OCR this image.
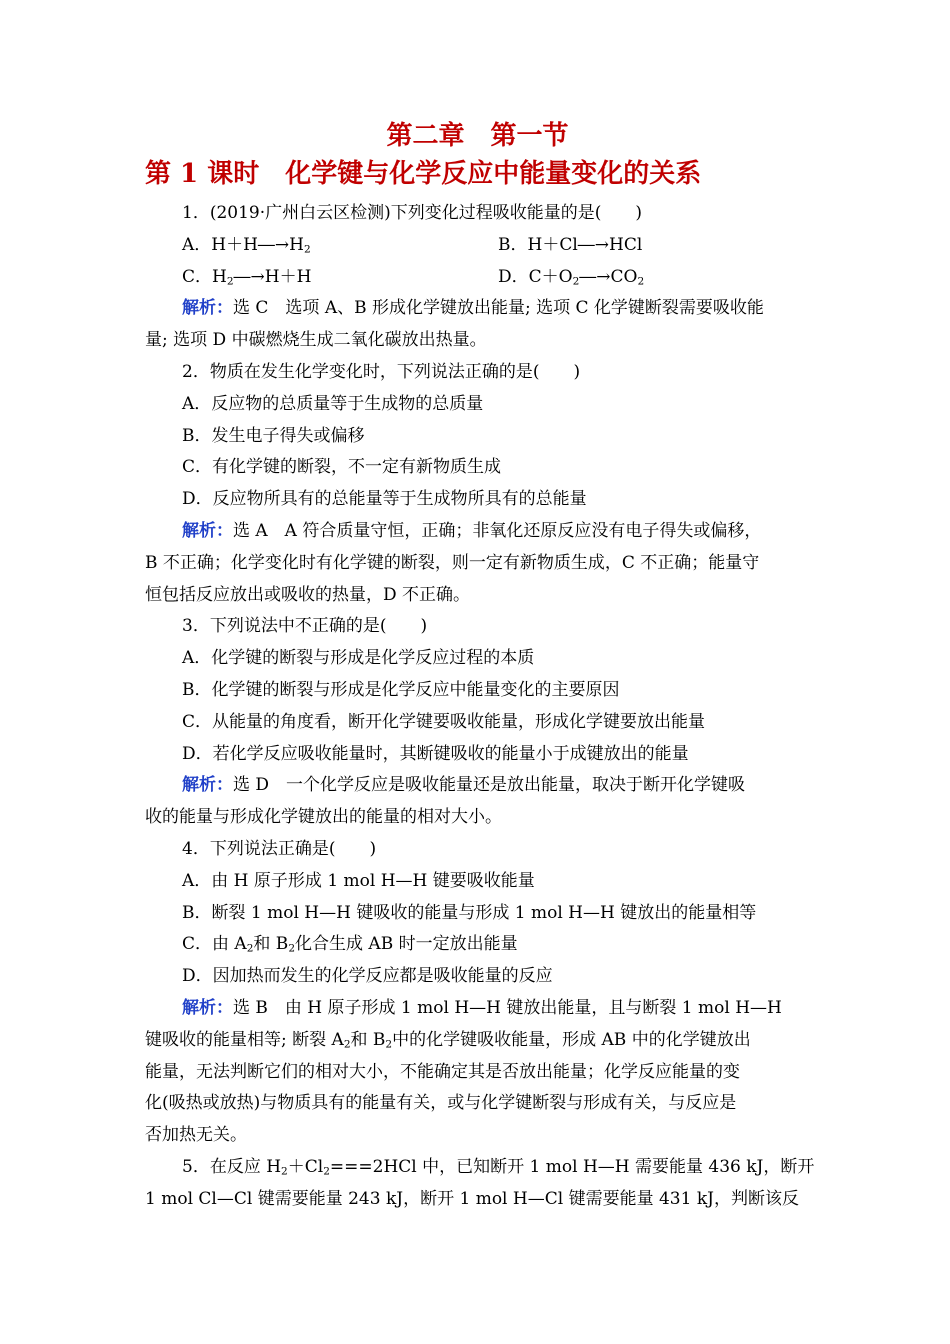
第二章　第一节
第 1 课时　化学键与化学反应中能量变化的关系
1．(2019·广州白云区检测)下列变化过程吸收能量的是(　　)
A．$H+H―\to H_2$	B．H＋Cl―→HCl
C．$H_2―\to H+H$	D．$C+O_2―\to CO_2$
解析：选 C　选项 A、B 形成化学键放出能量; 选项 C 化学键断裂需要吸收能
量; 选项 D 中碳燃烧生成二氧化碳放出热量。
2．物质在发生化学变化时，下列说法正确的是(　　)
A．反应物的总质量等于生成物的总质量
B．发生电子得失或偏移
C．有化学键的断裂，不一定有新物质生成
D．反应物所具有的总能量等于生成物所具有的总能量
解析：选 A　A 符合质量守恒，正确；非氧化还原反应没有电子得失或偏移，
B 不正确；化学变化时有化学键的断裂，则一定有新物质生成，C 不正确；能量守
恒包括反应放出或吸收的热量，D 不正确。
3．下列说法中不正确的是(　　)
A．化学键的断裂与形成是化学反应过程的本质
B．化学键的断裂与形成是化学反应中能量变化的主要原因
C．从能量的角度看，断开化学键要吸收能量，形成化学键要放出能量
D．若化学反应吸收能量时，其断键吸收的能量小于成键放出的能量
解析：选 D　一个化学反应是吸收能量还是放出能量，取决于断开化学键吸
收的能量与形成化学键放出的能量的相对大小。
4．下列说法正确是(　　)
A．由 H 原子形成 1 mol H—H 键要吸收能量
B．断裂 1 mol H—H 键吸收的能量与形成 1 mol H—H 键放出的能量相等
C．由 $A_2$和 $B_2$化合生成 AB 时一定放出能量
D．因加热而发生的化学反应都是吸收能量的反应
解析：选 B　由 H 原子形成 1 mol H—H 键放出能量，且与断裂 1 mol H—H
键吸收的能量相等; 断裂 $A_2$和 $B_2$中的化学键吸收能量，形成 AB 中的化学键放出
能量，无法判断它们的相对大小，不能确定其是否放出能量；化学反应能量的变
化(吸热或放热)与物质具有的能量有关，或与化学键断裂与形成有关，与反应是
否加热无关。
5．在反应 $H_2+Cl_2===2HCl$ 中，已知断开 1 mol H—H 需要能量 436 kJ，断开
1 mol Cl—Cl 键需要能量 243 kJ，断开 1 mol H—Cl 键需要能量 431 kJ，判断该反
